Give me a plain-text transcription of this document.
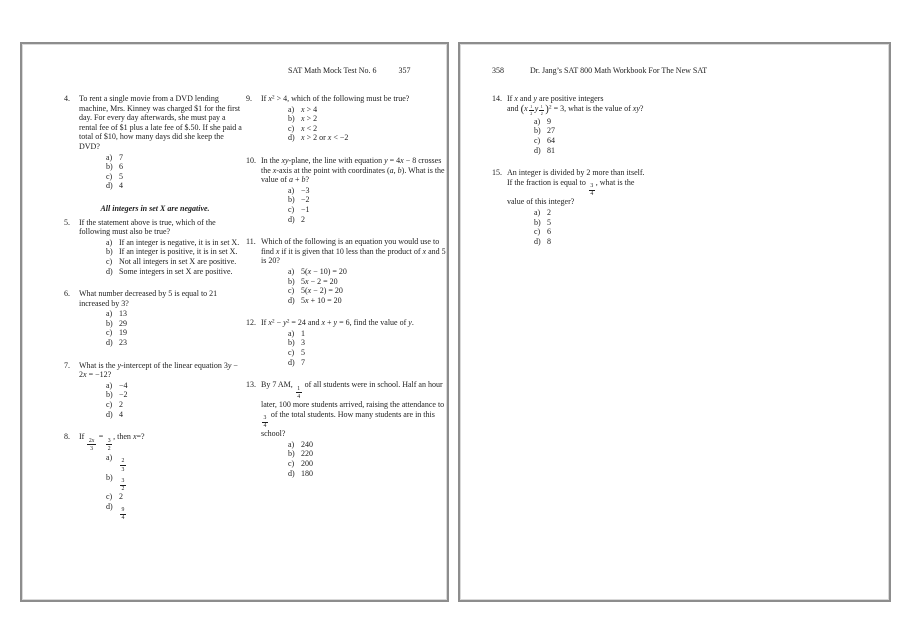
SAT Math Mock Test No. 6	357
4.	To rent a single movie from a DVD lending machine, Mrs. Kinney was charged $1 for the first day. For every day afterwards, she must pay a rental fee of $1 plus a late fee of $.50. If she paid a total of $10, how many days did she keep the DVD?
a) 7
b) 6
c) 5
d) 4
All integers in set X are negative.
5.	If the statement above is true, which of the following must also be true?
a) If an integer is negative, it is in set X.
b) If an integer is positive, it is in set X.
c) Not all integers in set X are positive.
d) Some integers in set X are positive.
6.	What number decreased by 5 is equal to 21 increased by 3?
a) 13
b) 29
c) 19
d) 23
7.	What is the y-intercept of the linear equation 3y − 2x = −12?
a) −4
b) −2
c) 2
d) 4
8.	If
$\frac{2x}{3}$
=
$\frac{3}{2}$
, then x=?
a)
$\frac{2}{3}$
b)
$\frac{3}{2}$
c) 2
d)
$\frac{9}{4}$
9.	If $x^2 > 4$, which of the following must be true?
a) x > 4
b) x > 2
c) x < 2
d) x > 2 or x < −2
10. In the xy-plane, the line with equation y = 4x − 8 crosses the x-axis at the point with coordinates (a, b). What is the value of a + b?
a) −3
b) −2
c) −1
d) 2
11. Which of the following is an equation you would use to find x if it is given that 10 less than the product of x and 5 is 20?
a) 5(x − 10) = 20
b) 5x − 2 = 20
c) 5(x − 2) = 20
d) 5x + 10 = 20
12. If $x^2 - y^2 = 24$ and x + y = 6, find the value of y.
a) 1
b) 3
c) 5
d) 7
13. By 7 AM,
$\frac{1}{4}$
of all students were in school. Half an hour later, 100 more students arrived, raising the attendance to
$\frac{3}{4}$
of the total students. How many students are in this school?
a) 240
b) 220
c) 200
d) 180
358	Dr. Jang’s SAT 800 Math Workbook For The New SAT
14. If x and y are positive integers
and ($x \frac{1}{2}$ y $\frac{1}{2} )^2 = 3$, what is the value of xy?
a) 9
b) 27
c) 64
d) 81
15. An integer is divided by 2 more than itself.
If the fraction is equal to
$\frac{3}{4}$
, what is the
value of this integer?
a) 2
b) 5
c) 6
d) 8
